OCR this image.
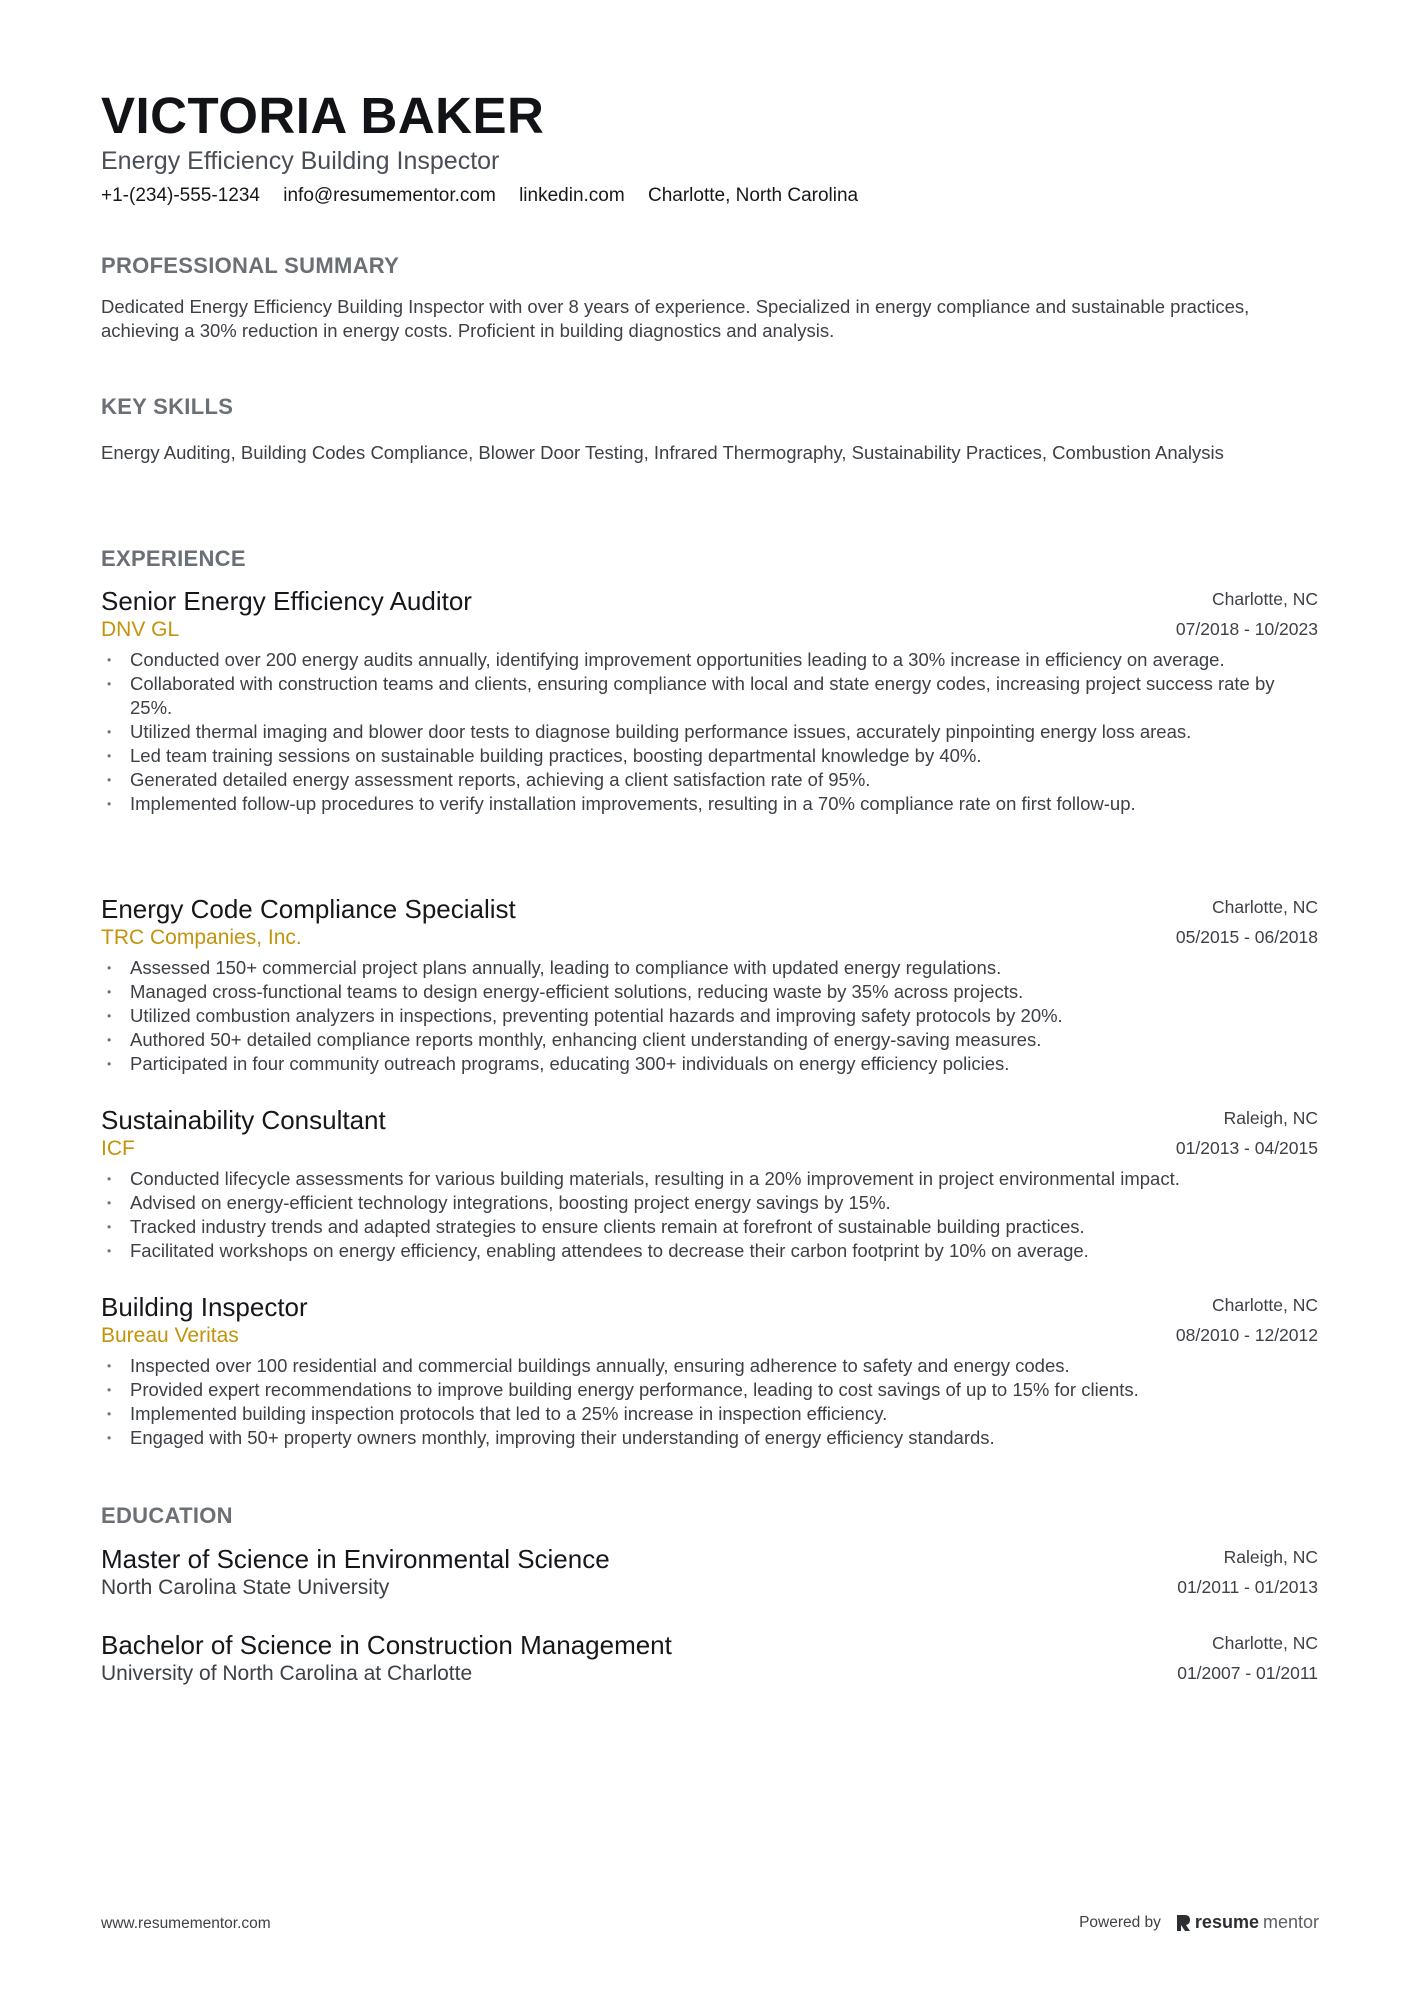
VICTORIA BAKER
Energy Efficiency Building Inspector
+1-(234)-555-1234 info@resumementor.com linkedin.com Charlotte, North Carolina
PROFESSIONAL SUMMARY

Dedicated Energy Efficiency Building Inspector with over 8 years of experience. Specialized in energy compliance and sustainable practices, achieving a 30% reduction in energy costs. Proficient in building diagnostics and analysis.

KEY SKILLS

Energy Auditing, Building Codes Compliance, Blower Door Testing, Infrared Thermography, Sustainability Practices, Combustion Analysis

EXPERIENCE
Senior Energy Efficiency Auditor
DNV GL
Charlotte, NC
07/2018 - 10/2023
• Conducted over 200 energy audits annually, identifying improvement opportunities leading to a 30% increase in efficiency on average.
• Collaborated with construction teams and clients, ensuring compliance with local and state energy codes, increasing project success rate by 25%.
• Utilized thermal imaging and blower door tests to diagnose building performance issues, accurately pinpointing energy loss areas.
• Led team training sessions on sustainable building practices, boosting departmental knowledge by 40%.
• Generated detailed energy assessment reports, achieving a client satisfaction rate of 95%.
• Implemented follow-up procedures to verify installation improvements, resulting in a 70% compliance rate on first follow-up.
Energy Code Compliance Specialist
TRC Companies, Inc.
Charlotte, NC
05/2015 - 06/2018
• Assessed 150+ commercial project plans annually, leading to compliance with updated energy regulations.
• Managed cross-functional teams to design energy-efficient solutions, reducing waste by 35% across projects.
• Utilized combustion analyzers in inspections, preventing potential hazards and improving safety protocols by 20%.
• Authored 50+ detailed compliance reports monthly, enhancing client understanding of energy-saving measures.
• Participated in four community outreach programs, educating 300+ individuals on energy efficiency policies.
Sustainability Consultant
ICF
Raleigh, NC
01/2013 - 04/2015
• Conducted lifecycle assessments for various building materials, resulting in a 20% improvement in project environmental impact.
• Advised on energy-efficient technology integrations, boosting project energy savings by 15%.
• Tracked industry trends and adapted strategies to ensure clients remain at forefront of sustainable building practices.
• Facilitated workshops on energy efficiency, enabling attendees to decrease their carbon footprint by 10% on average.
Building Inspector
Bureau Veritas
Charlotte, NC
08/2010 - 12/2012
• Inspected over 100 residential and commercial buildings annually, ensuring adherence to safety and energy codes.
• Provided expert recommendations to improve building energy performance, leading to cost savings of up to 15% for clients.
• Implemented building inspection protocols that led to a 25% increase in inspection efficiency.
• Engaged with 50+ property owners monthly, improving their understanding of energy efficiency standards.
EDUCATION
Master of Science in Environmental Science
North Carolina State University
Raleigh, NC
01/2011 - 01/2013
Bachelor of Science in Construction Management
University of North Carolina at Charlotte
Charlotte, NC
01/2007 - 01/2011
www.resumementor.com	Powered by resume mentor
